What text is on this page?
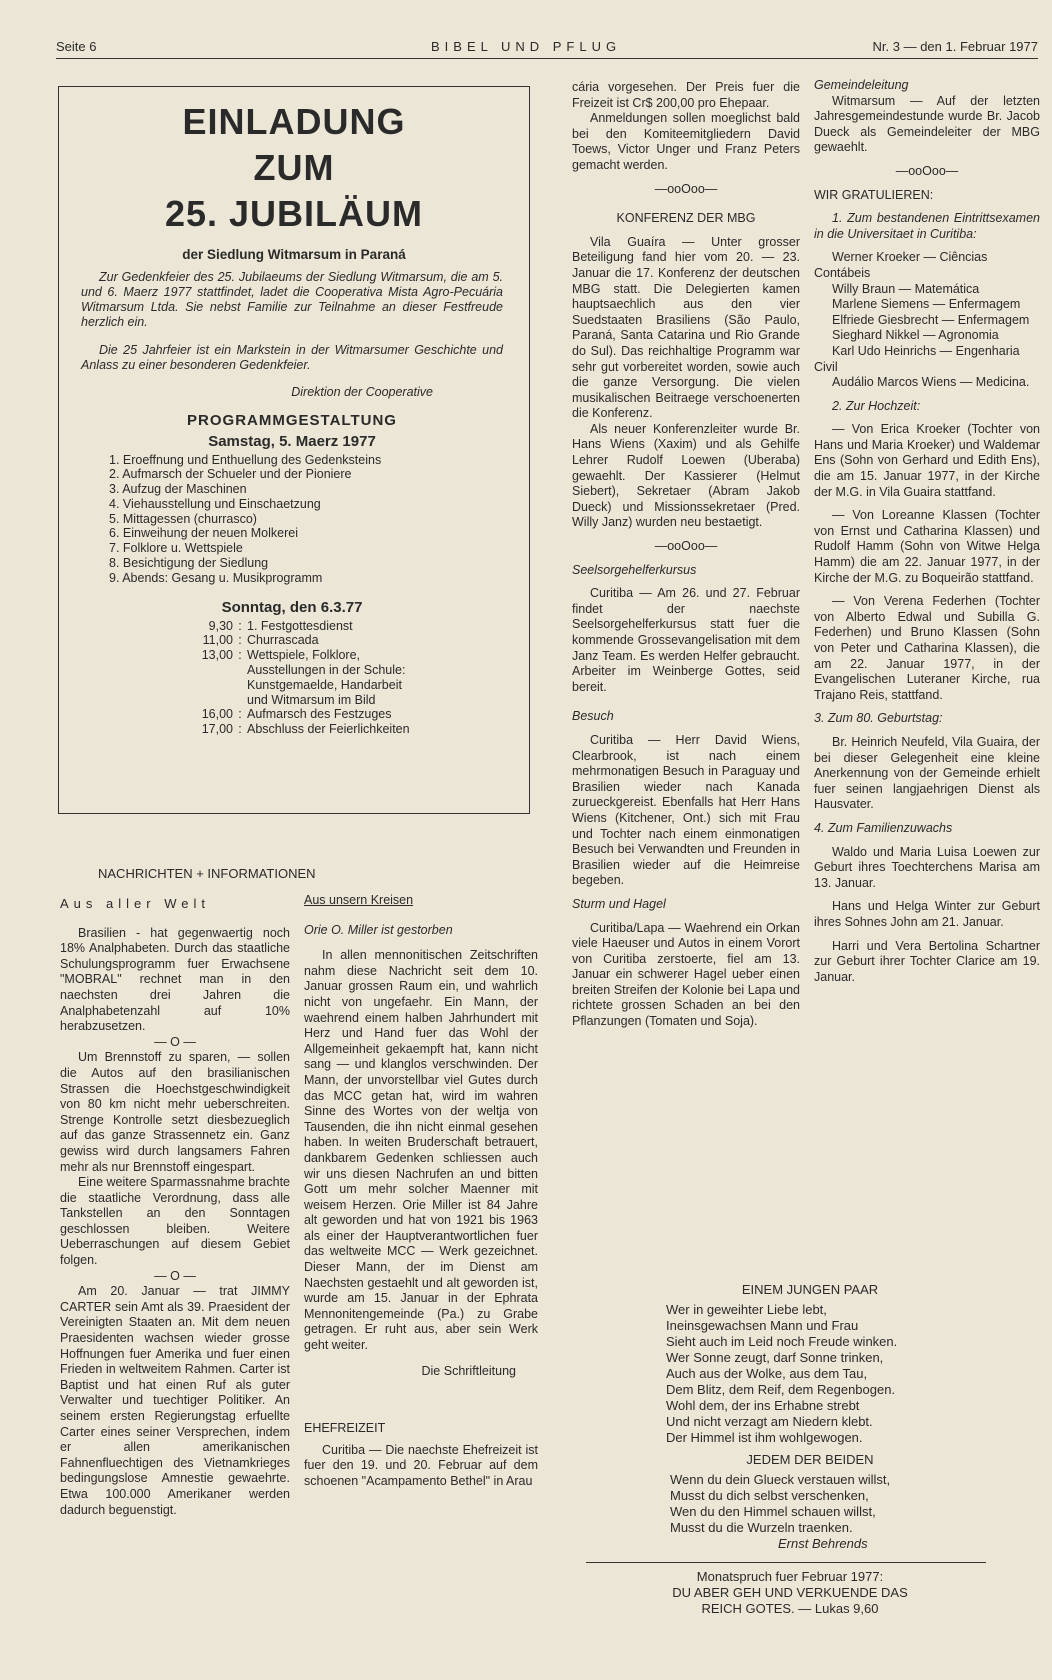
Seite 6	BIBEL UND PFLUG	Nr. 3 — den 1. Februar 1977
EINLADUNG
ZUM
25. JUBILÄUM
der Siedlung Witmarsum in Paraná

Zur Gedenkfeier des 25. Jubilaeums der Siedlung Witmarsum, die am 5. und 6. Maerz 1977 stattfindet, ladet die Cooperativa Mista Agro-Pecuária Witmarsum Ltda. Sie nebst Familie zur Teilnahme an dieser Festfreude herzlich ein.

Die 25 Jahrfeier ist ein Markstein in der Witmarsumer Geschichte und Anlass zu einer besonderen Gedenkfeier.

Direktion der Cooperative

PROGRAMMGESTALTUNG
Samstag, 5. Maerz 1977
1. Eroeffnung und Enthuellung des Gedenksteins
2. Aufmarsch der Schueler und der Pioniere
3. Aufzug der Maschinen
4. Viehausstellung und Einschaetzung
5. Mittagessen (churrasco)
6. Einweihung der neuen Molkerei
7. Folklore u. Wettspiele
8. Besichtigung der Siedlung
9. Abends: Gesang u. Musikprogramm
Sonntag, den 6.3.77
9,30 : 1. Festgottesdienst
11,00 : Churrascada
13,00 : Wettspiele, Folklore,
Ausstellungen in der Schule:
Kunstgemaelde, Handarbeit
und Witmarsum im Bild
16,00 : Aufmarsch des Festzuges
17,00 : Abschluss der Feierlichkeiten
NACHRICHTEN + INFORMATIONEN
Aus aller Welt

Brasilien - hat gegenwaertig noch 18% Analphabeten. Durch das staatliche Schulungsprogramm fuer Erwachsene "MOBRAL" rechnet man in den naechsten drei Jahren die Analphabetenzahl auf 10% herabzusetzen.

— O —

Um Brennstoff zu sparen, — sollen die Autos auf den brasilianischen Strassen die Hoechstgeschwindigkeit von 80 km nicht mehr ueberschreiten. Strenge Kontrolle setzt diesbezueglich auf das ganze Strassennetz ein. Ganz gewiss wird durch langsamers Fahren mehr als nur Brennstoff eingespart.

Eine weitere Sparmassnahme brachte die staatliche Verordnung, dass alle Tankstellen an den Sonntagen geschlossen bleiben. Weitere Ueberraschungen auf diesem Gebiet folgen.

— O —

Am 20. Januar — trat JIMMY CARTER sein Amt als 39. Praesident der Vereinigten Staaten an. Mit dem neuen Praesidenten wachsen wieder grosse Hoffnungen fuer Amerika und fuer einen Frieden in weltweitem Rahmen. Carter ist Baptist und hat einen Ruf als guter Verwalter und tuechtiger Politiker. An seinem ersten Regierungstag erfuellte Carter eines seiner Versprechen, indem er allen amerikanischen Fahnenfluechtigen des Vietnamkrieges bedingungslose Amnestie gewaehrte. Etwa 100.000 Amerikaner werden dadurch beguenstigt.

Aus unsern Kreisen

Orie O. Miller ist gestorben

In allen mennonitischen Zeitschriften nahm diese Nachricht seit dem 10. Januar grossen Raum ein, und wahrlich nicht von ungefaehr. Ein Mann, der waehrend einem halben Jahrhundert mit Herz und Hand fuer das Wohl der Allgemeinheit gekaempft hat, kann nicht sang — und klanglos verschwinden. Der Mann, der unvorstellbar viel Gutes durch das MCC getan hat, wird im wahren Sinne des Wortes von der weltja von Tausenden, die ihn nicht einmal gesehen haben. In weiten Bruderschaft betrauert, dankbarem Gedenken schliessen auch wir uns diesen Nachrufen an und bitten Gott um mehr solcher Maenner mit weisem Herzen. Orie Miller ist 84 Jahre alt geworden und hat von 1921 bis 1963 als einer der Hauptverantwortlichen fuer das weltweite MCC — Werk gezeichnet. Dieser Mann, der im Dienst am Naechsten gestaehlt und alt geworden ist, wurde am 15. Januar in der Ephrata Mennonitengemeinde (Pa.) zu Grabe getragen. Er ruht aus, aber sein Werk geht weiter.

Die Schriftleitung

EHEFREIZEIT

Curitiba — Die naechste Ehefreizeit ist fuer den 19. und 20. Februar auf dem schoenen "Acampamento Bethel" in Arau

cária vorgesehen. Der Preis fuer die Freizeit ist Cr$ 200,00 pro Ehepaar.

Anmeldungen sollen moeglichst bald bei den Komiteemitgliedern David Toews, Victor Unger und Franz Peters gemacht werden.

—ooOoo—

KONFERENZ DER MBG

Vila Guaíra — Unter grosser Beteiligung fand hier vom 20. — 23. Januar die 17. Konferenz der deutschen MBG statt. Die Delegierten kamen hauptsaechlich aus den vier Suedstaaten Brasiliens (São Paulo, Paraná, Santa Catarina und Rio Grande do Sul). Das reichhaltige Programm war sehr gut vorbereitet worden, sowie auch die ganze Versorgung. Die vielen musikalischen Beitraege verschoenerten die Konferenz.

Als neuer Konferenzleiter wurde Br. Hans Wiens (Xaxim) und als Gehilfe Lehrer Rudolf Loewen (Uberaba) gewaehlt. Der Kassierer (Helmut Siebert), Sekretaer (Abram Jakob Dueck) und Missionssekretaer (Pred. Willy Janz) wurden neu bestaetigt.

—ooOoo—

Seelsorgehelferkursus

Curitiba — Am 26. und 27. Februar findet der naechste Seelsorgehelferkursus statt fuer die kommende Grossevangelisation mit dem Janz Team. Es werden Helfer gebraucht. Arbeiter im Weinberge Gottes, seid bereit.

Besuch

Curitiba — Herr David Wiens, Clearbrook, ist nach einem mehrmonatigen Besuch in Paraguay und Brasilien wieder nach Kanada zurueckgereist. Ebenfalls hat Herr Hans Wiens (Kitchener, Ont.) sich mit Frau und Tochter nach einem einmonatigen Besuch bei Verwandten und Freunden in Brasilien wieder auf die Heimreise begeben.

Sturm und Hagel

Curitiba/Lapa — Waehrend ein Orkan viele Haeuser und Autos in einem Vorort von Curitiba zerstoerte, fiel am 13. Januar ein schwerer Hagel ueber einen breiten Streifen der Kolonie bei Lapa und richtete grossen Schaden an bei den Pflanzungen (Tomaten und Soja).

Gemeindeleitung

Witmarsum — Auf der letzten Jahresgemeindestunde wurde Br. Jacob Dueck als Gemeindeleiter der MBG gewaehlt.

—ooOoo—

WIR GRATULIEREN:

1. Zum bestandenen Eintrittsexamen in die Universitaet in Curitiba:

Werner Kroeker — Ciências Contábeis

Willy Braun — Matemática

Marlene Siemens — Enfermagem

Elfriede Giesbrecht — Enfermagem

Sieghard Nikkel — Agronomia

Karl Udo Heinrichs — Engenharia Civil

Audálio Marcos Wiens — Medicina.

2. Zur Hochzeit:

— Von Erica Kroeker (Tochter von Hans und Maria Kroeker) und Waldemar Ens (Sohn von Gerhard und Edith Ens), die am 15. Januar 1977, in der Kirche der M.G. in Vila Guaira stattfand.

— Von Loreanne Klassen (Tochter von Ernst und Catharina Klassen) und Rudolf Hamm (Sohn von Witwe Helga Hamm) die am 22. Januar 1977, in der Kirche der M.G. zu Boqueirão stattfand.

— Von Verena Federhen (Tochter von Alberto Edwal und Subilla G. Federhen) und Bruno Klassen (Sohn von Peter und Catharina Klassen), die am 22. Januar 1977, in der Evangelischen Luteraner Kirche, rua Trajano Reis, stattfand.

3. Zum 80. Geburtstag:

Br. Heinrich Neufeld, Vila Guaira, der bei dieser Gelegenheit eine kleine Anerkennung von der Gemeinde erhielt fuer seinen langjaehrigen Dienst als Hausvater.

4. Zum Familienzuwachs

Waldo und Maria Luisa Loewen zur Geburt ihres Toechterchens Marisa am 13. Januar.

Hans und Helga Winter zur Geburt ihres Sohnes John am 21. Januar.

Harri und Vera Bertolina Schartner zur Geburt ihrer Tochter Clarice am 19. Januar.

EINEM JUNGEN PAAR
Wer in geweihter Liebe lebt,
Ineinsgewachsen Mann und Frau
Sieht auch im Leid noch Freude winken.
Wer Sonne zeugt, darf Sonne trinken,
Auch aus der Wolke, aus dem Tau,
Dem Blitz, dem Reif, dem Regenbogen.
Wohl dem, der ins Erhabne strebt
Und nicht verzagt am Niedern klebt.
Der Himmel ist ihm wohlgewogen.
JEDEM DER BEIDEN
Wenn du dein Glueck verstauen willst,
Musst du dich selbst verschenken,
Wen du den Himmel schauen willst,
Musst du die Wurzeln traenken.
Ernst Behrends
Monatspruch fuer Februar 1977:
DU ABER GEH UND VERKUENDE DAS
REICH GOTES. — Lukas 9,60
